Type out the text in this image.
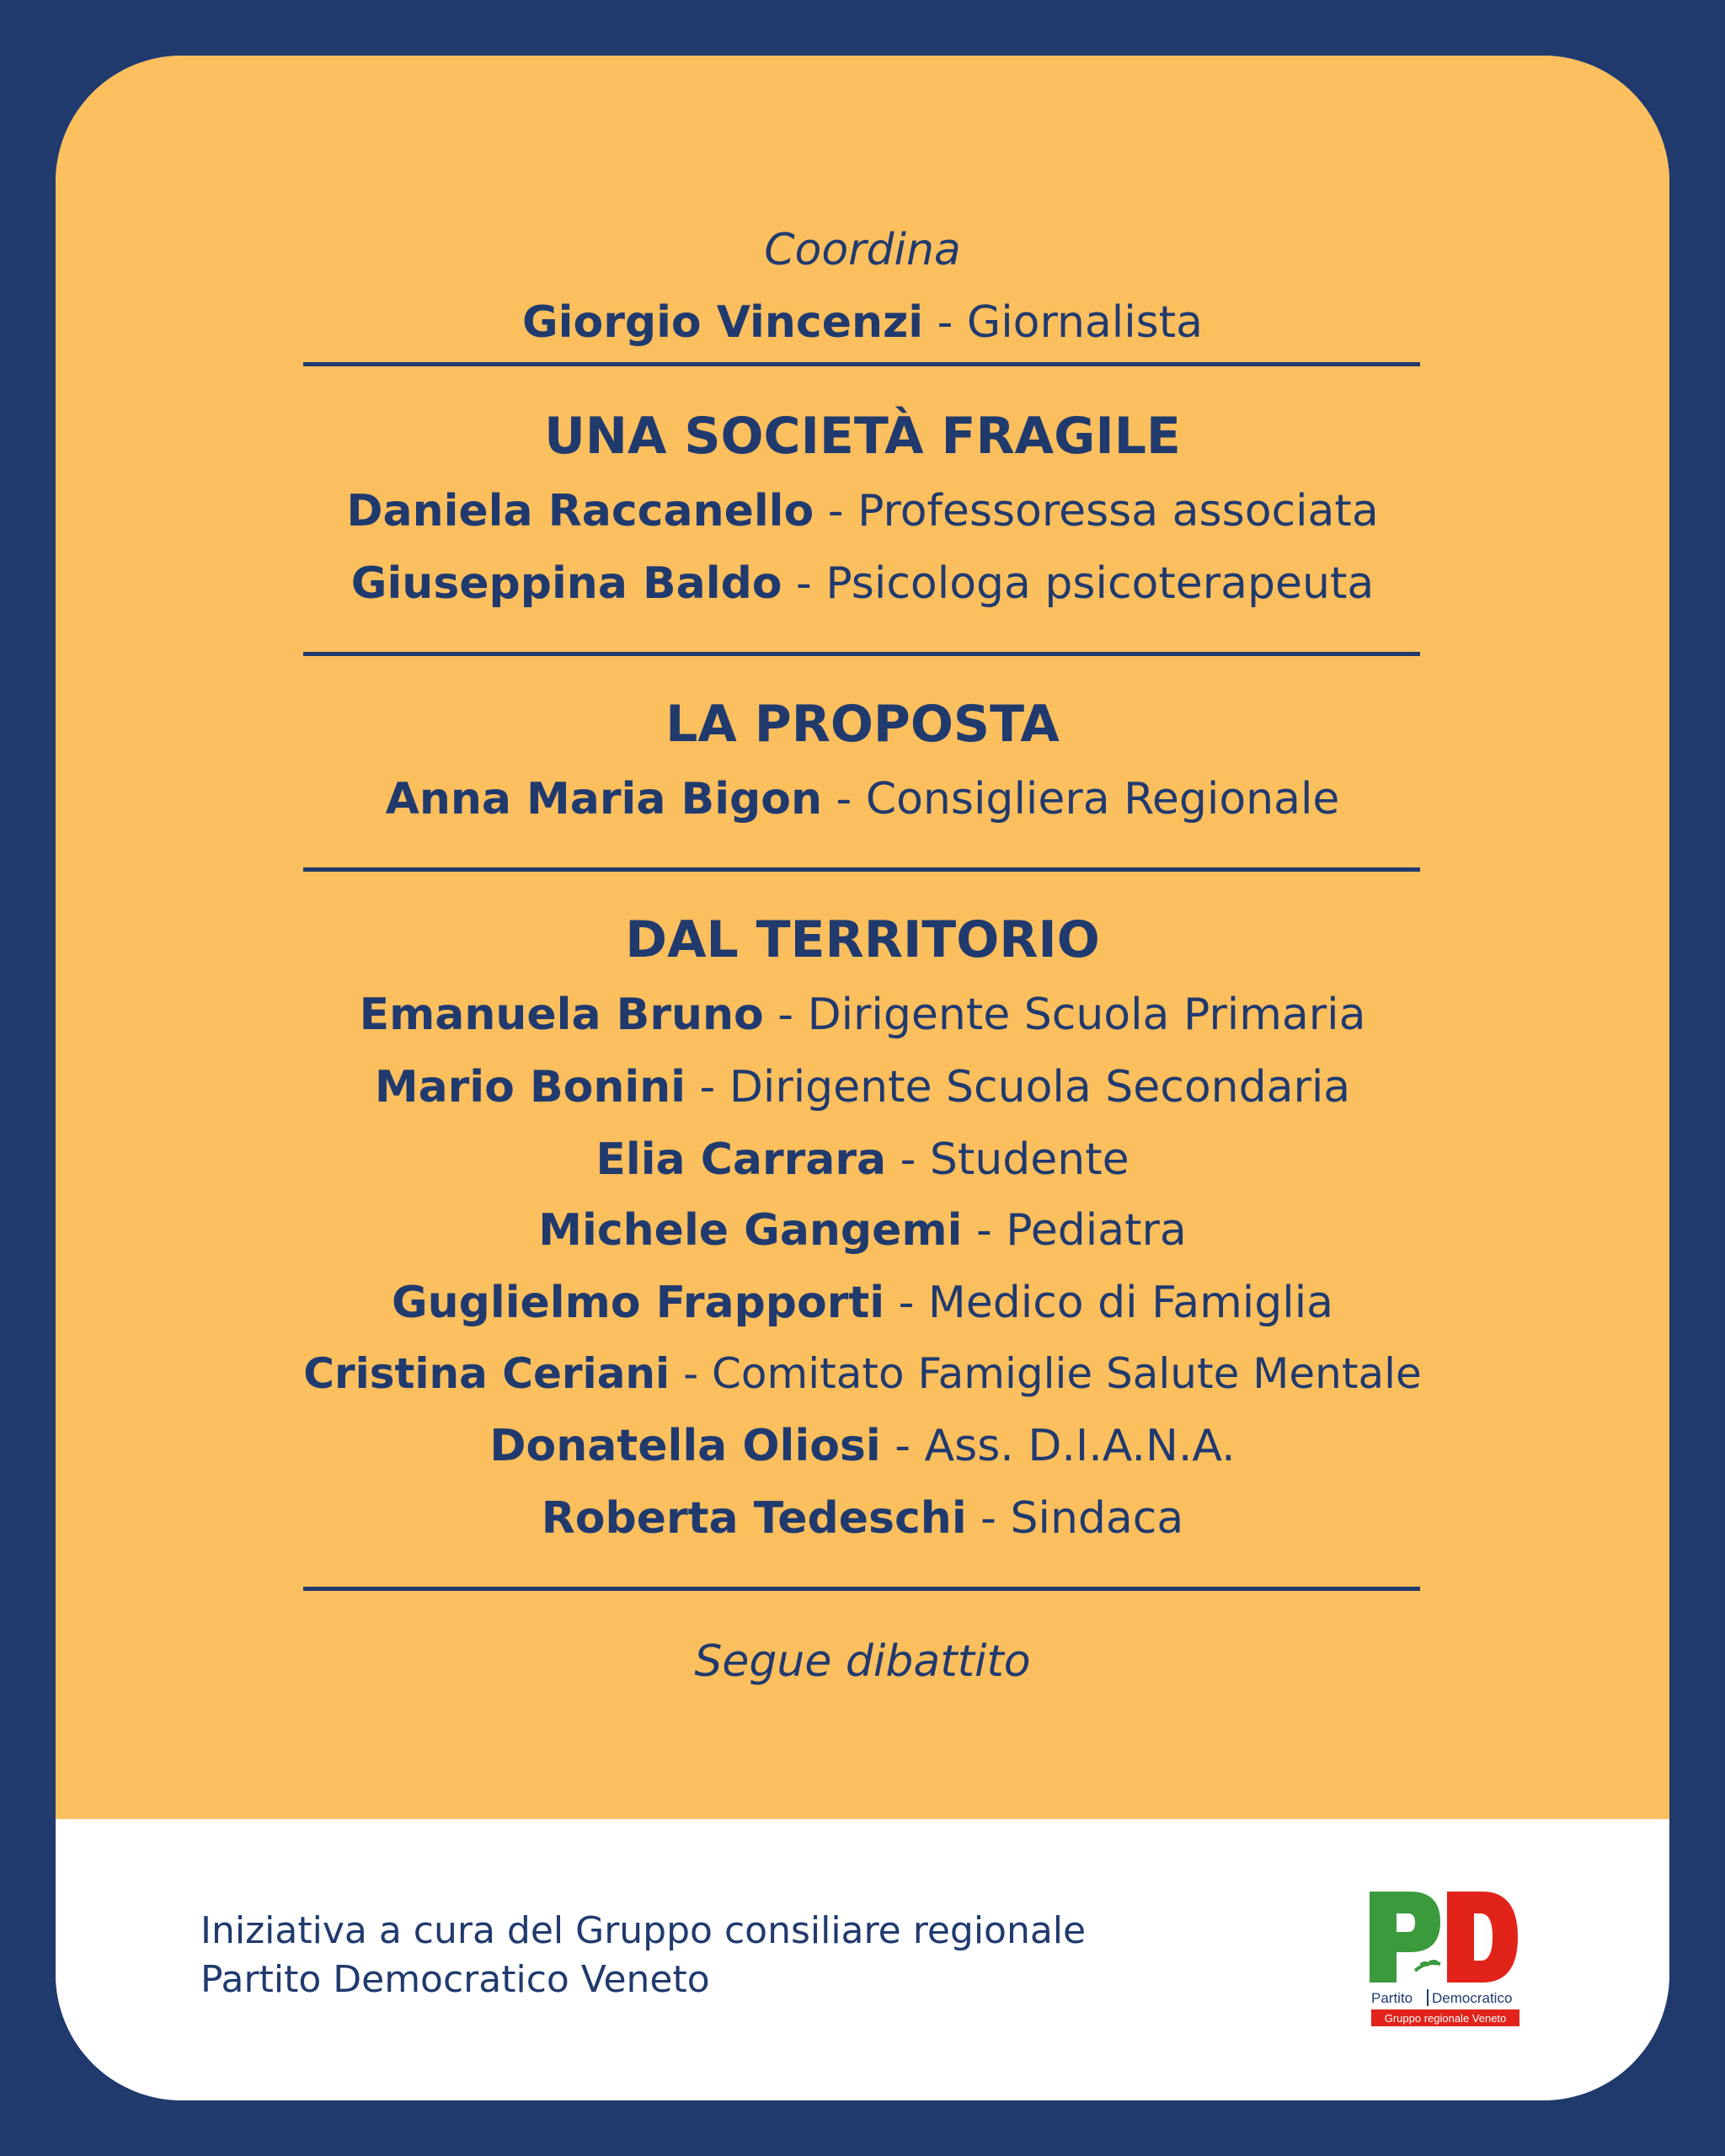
Coordina
Giorgio Vincenzi - Giornalista
UNA SOCIETÀ FRAGILE
Daniela Raccanello - Professoressa associata
Giuseppina Baldo - Psicologa psicoterapeuta
LA PROPOSTA
Anna Maria Bigon - Consigliera Regionale
DAL TERRITORIO
Emanuela Bruno - Dirigente Scuola Primaria
Mario Bonini - Dirigente Scuola Secondaria
Elia Carrara - Studente
Michele Gangemi - Pediatra
Guglielmo Frapporti - Medico di Famiglia
Cristina Ceriani - Comitato Famiglie Salute Mentale
Donatella Oliosi - Ass. D.I.A.N.A.
Roberta Tedeschi - Sindaca
Segue dibattito
Iniziativa a cura del Gruppo consiliare regionale
Partito Democratico Veneto	Partito Democratico
Gruppo regionale Veneto
